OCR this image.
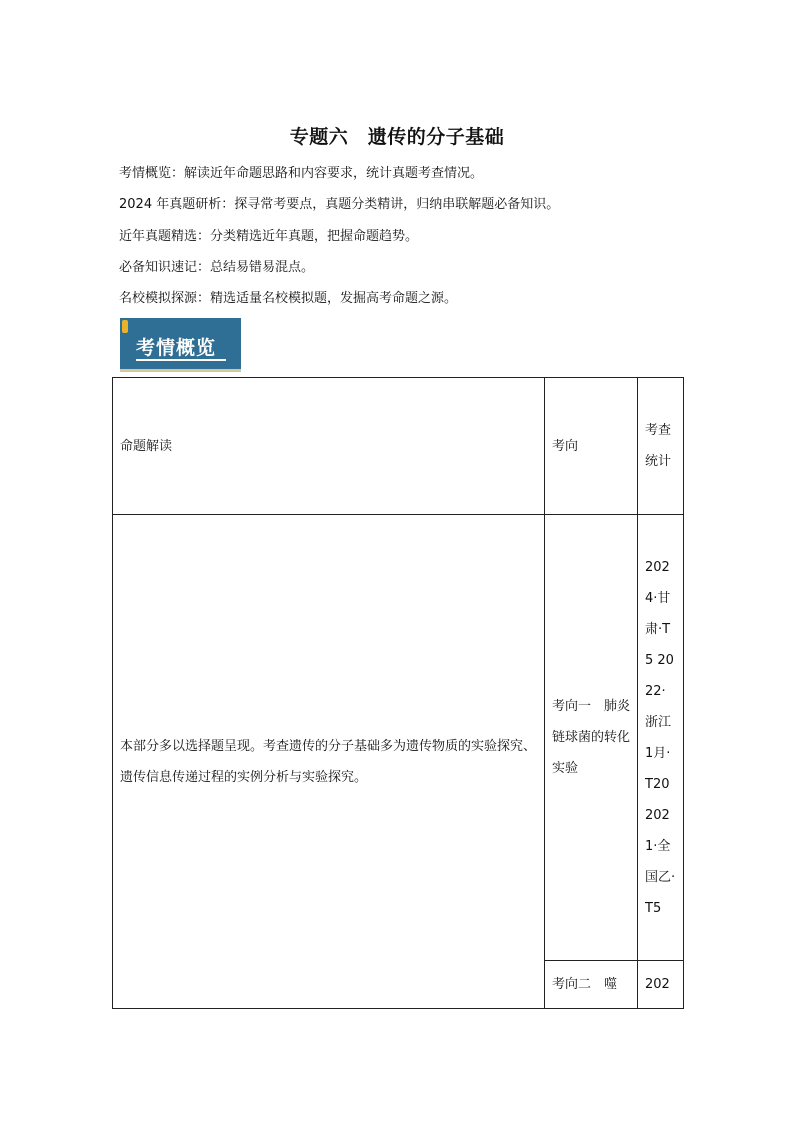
专题六　遗传的分子基础
考情概览：解读近年命题思路和内容要求，统计真题考查情况。
2024 年真题研析：探寻常考要点，真题分类精讲，归纳串联解题必备知识。
近年真题精选：分类精选近年真题，把握命题趋势。
必备知识速记：总结易错易混点。
名校模拟探源：精选适量名校模拟题，发掘高考命题之源。
考情概览
命题解读	考向	考查统计
本部分多以选择题呈现。考查遗传的分子基础多为遗传物质的实验探究、遗传信息传递过程的实例分析与实验探究。	考向一　肺炎链球菌的转化实验	2024·甘肃·T5 2022·浙江 1月·T20 2021·全国乙·T5
	考向二　噬	202
